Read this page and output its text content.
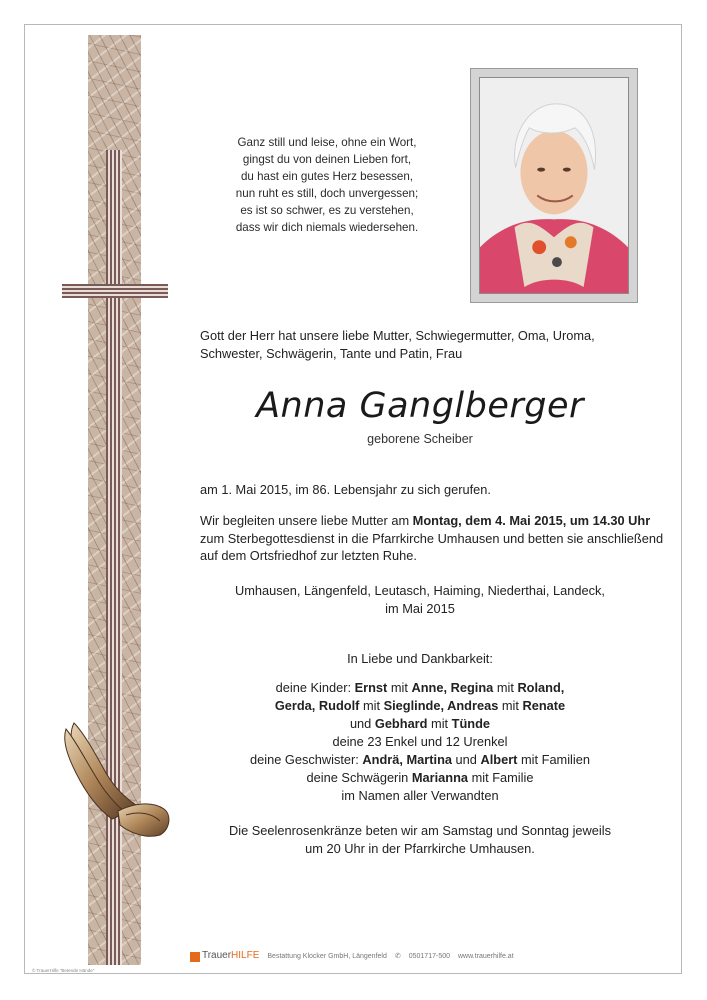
Ganz still und leise, ohne ein Wort,
gingst du von deinen Lieben fort,
du hast ein gutes Herz besessen,
nun ruht es still, doch unvergessen;
es ist so schwer, es zu verstehen,
dass wir dich niemals wiedersehen.
Gott der Herr hat unsere liebe Mutter, Schwiegermutter, Oma, Uroma,
Schwester, Schwägerin, Tante und Patin, Frau
Anna Ganglberger
geborene Scheiber
am 1. Mai 2015, im 86. Lebensjahr zu sich gerufen.
Wir begleiten unsere liebe Mutter am Montag, dem 4. Mai 2015, um 14.30 Uhr
zum Sterbegottesdienst in die Pfarrkirche Umhausen und betten sie anschließend
auf dem Ortsfriedhof zur letzten Ruhe.
Umhausen, Längenfeld, Leutasch, Haiming, Niederthai, Landeck,
im Mai 2015
In Liebe und Dankbarkeit:
deine Kinder: Ernst mit Anne, Regina mit Roland,
Gerda, Rudolf mit Sieglinde, Andreas mit Renate
und Gebhard mit Tünde
deine 23 Enkel und 12 Urenkel
deine Geschwister: Andrä, Martina und Albert mit Familien
deine Schwägerin Marianna mit Familie
im Namen aller Verwandten
Die Seelenrosenkränze beten wir am Samstag und Sonntag jeweils
um 20 Uhr in der Pfarrkirche Umhausen.
TrauerHILFE Bestattung Klocker GmbH, Längenfeld ✆ 0501717-500 www.trauerhilfe.at
© TrauerHilfe "Betende Hände"
